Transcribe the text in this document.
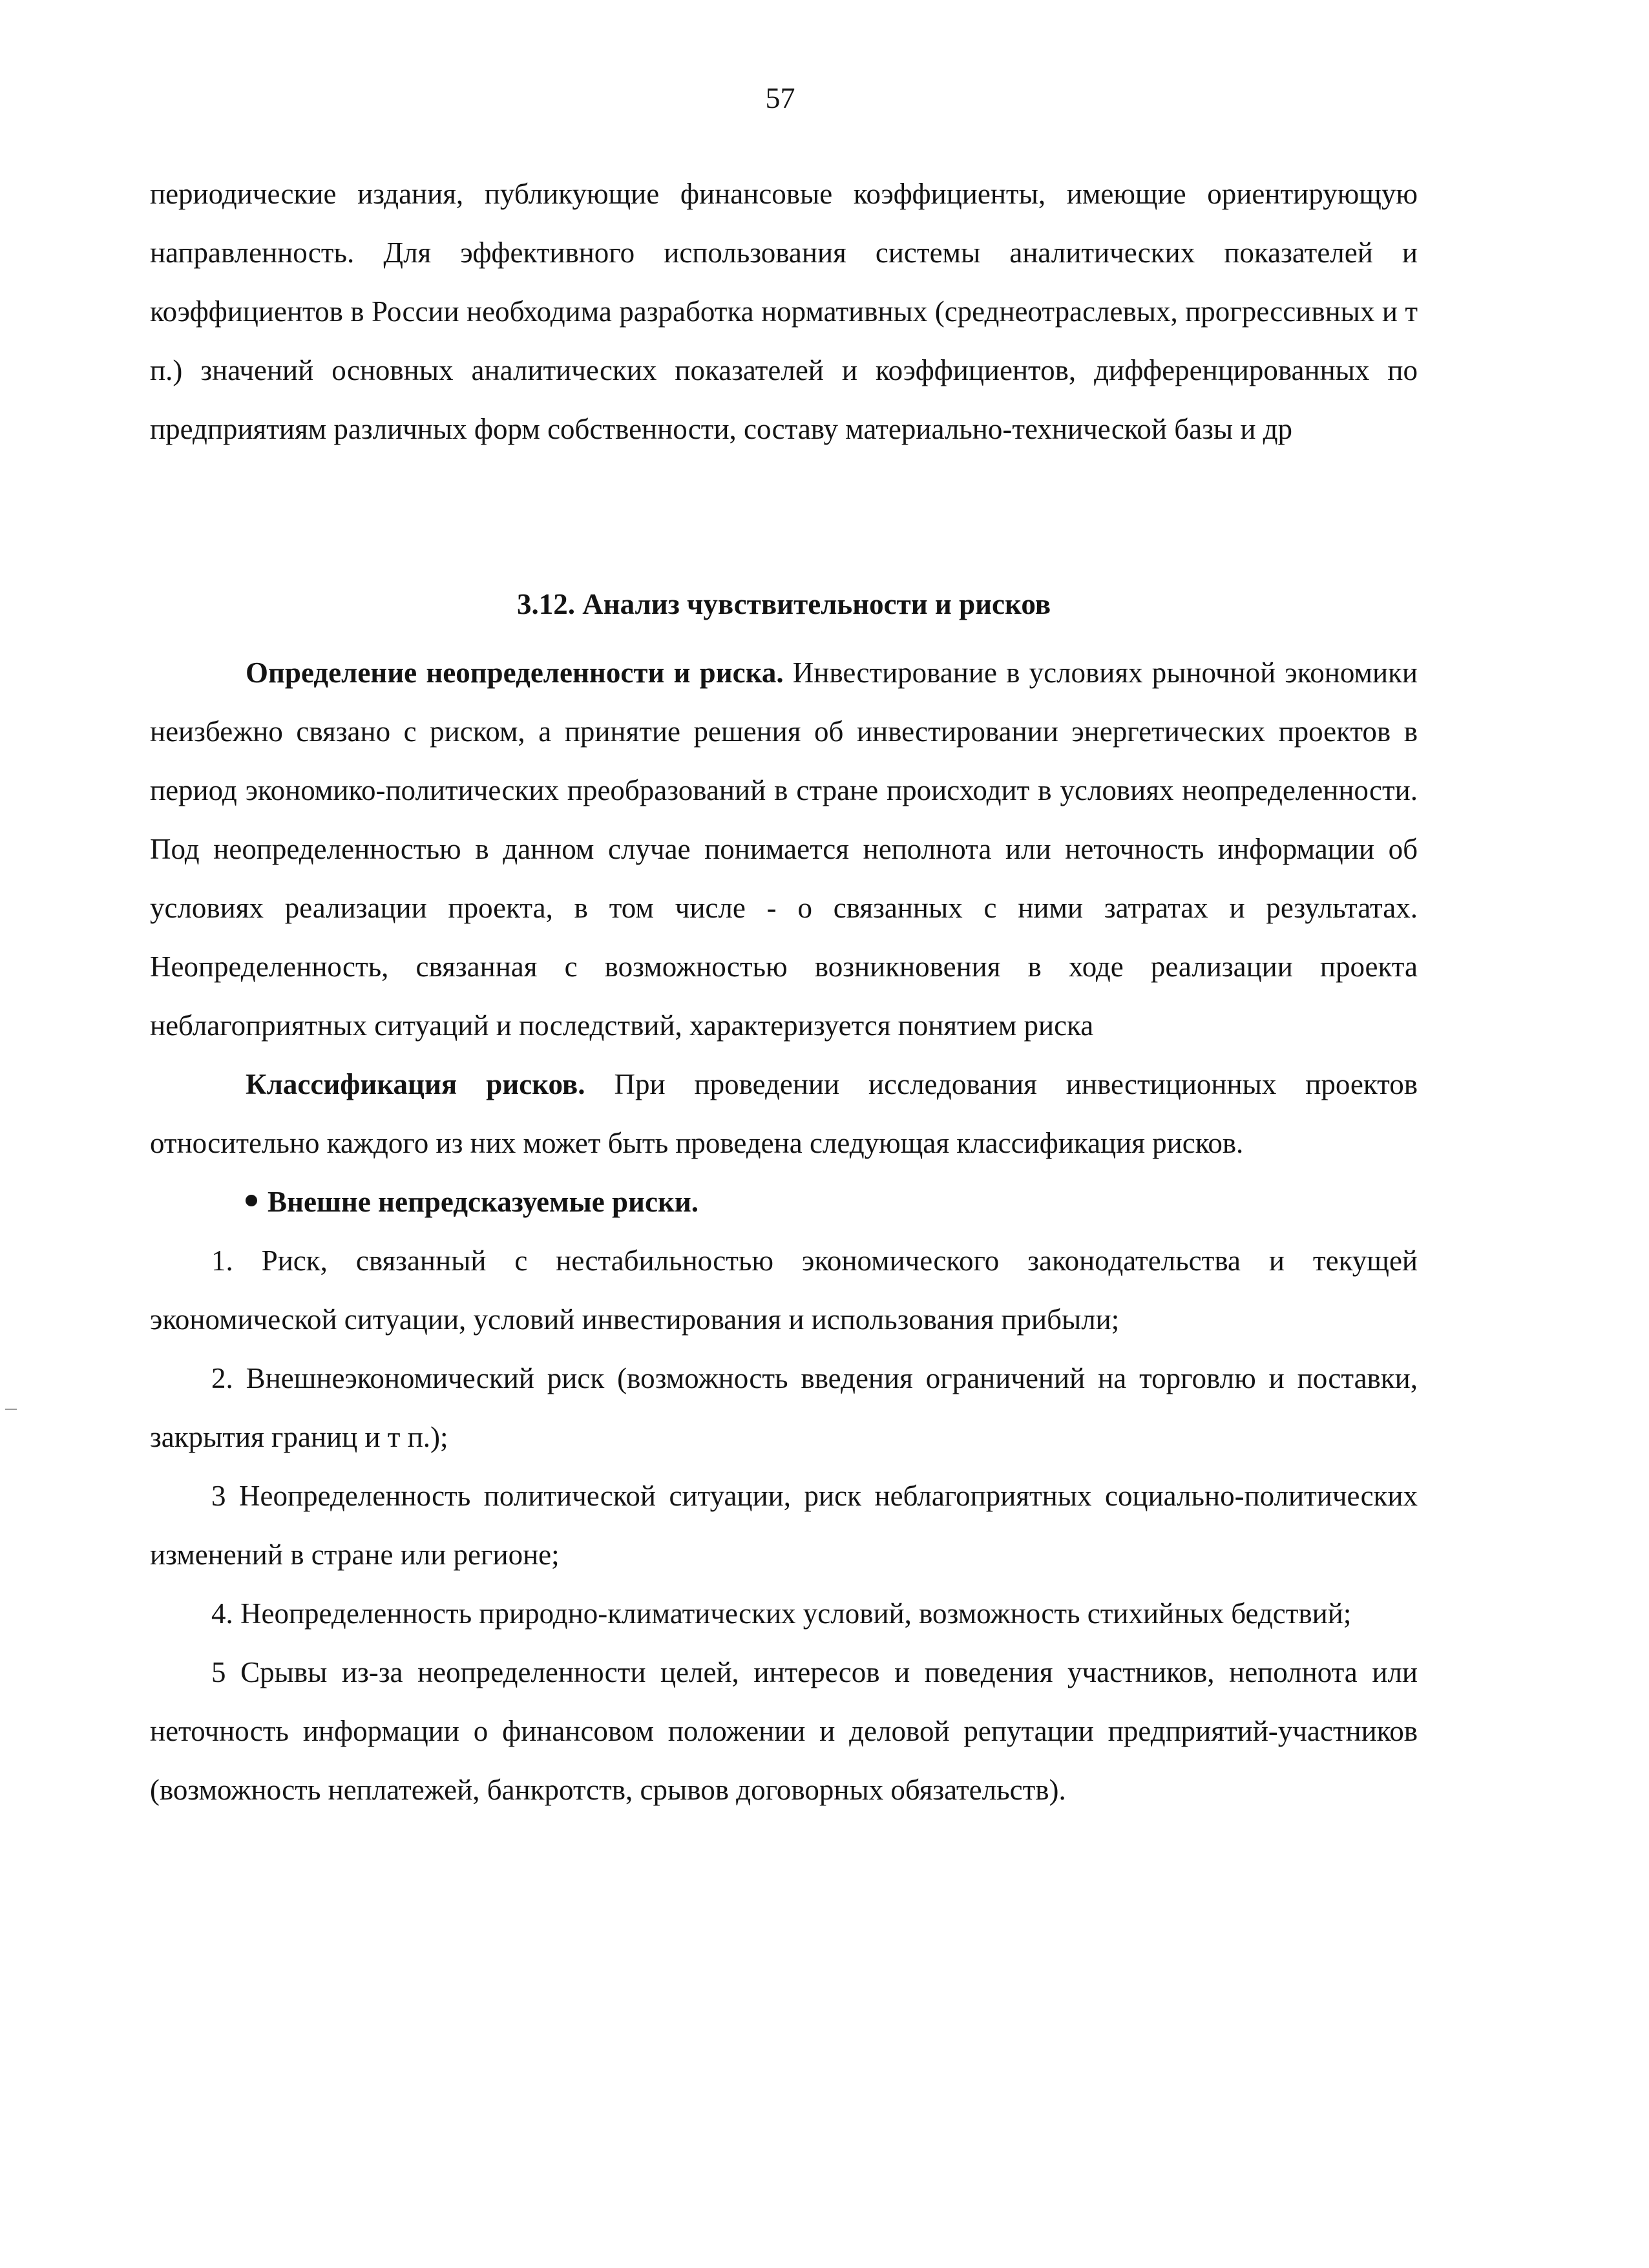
57

периодические издания, публикующие финансовые коэффициенты, имеющие ориентирующую направленность. Для эффективного использования системы аналитических показателей и коэффициентов в России необходима разработка нормативных (среднеотраслевых, прогрессивных и т п.) значений основных аналитических показателей и коэффициентов, дифференцированных по предприятиям различных форм собственности, составу материально-технической базы и др

3.12. Анализ чувствительности и рисков

Определение неопределенности и риска. Инвестирование в условиях рыночной экономики неизбежно связано с риском, а принятие решения об инвестировании энергетических проектов в период экономико-политических преобразований в стране происходит в условиях неопределенности. Под неопределенностью в данном случае понимается неполнота или неточность информации об условиях реализации проекта, в том числе - о связанных с ними затратах и результатах. Неопределенность, связанная с возможностью возникновения в ходе реализации проекта неблагоприятных ситуаций и последствий, характеризуется понятием риска

Классификация рисков. При проведении исследования инвестиционных проектов относительно каждого из них может быть проведена следующая классификация рисков.

Внешне непредсказуемые риски.

1. Риск, связанный с нестабильностью экономического законодательства и текущей экономической ситуации, условий инвестирования и использования прибыли;

2. Внешнеэкономический риск (возможность введения ограничений на торговлю и поставки, закрытия границ и т п.);

3 Неопределенность политической ситуации, риск неблагоприятных социально-политических изменений в стране или регионе;

4. Неопределенность природно-климатических условий, возможность стихийных бедствий;

5 Срывы из-за неопределенности целей, интересов и поведения участников, неполнота или неточность информации о финансовом положении и деловой репутации предприятий-участников (возможность неплатежей, банкротств, срывов договорных обязательств).
